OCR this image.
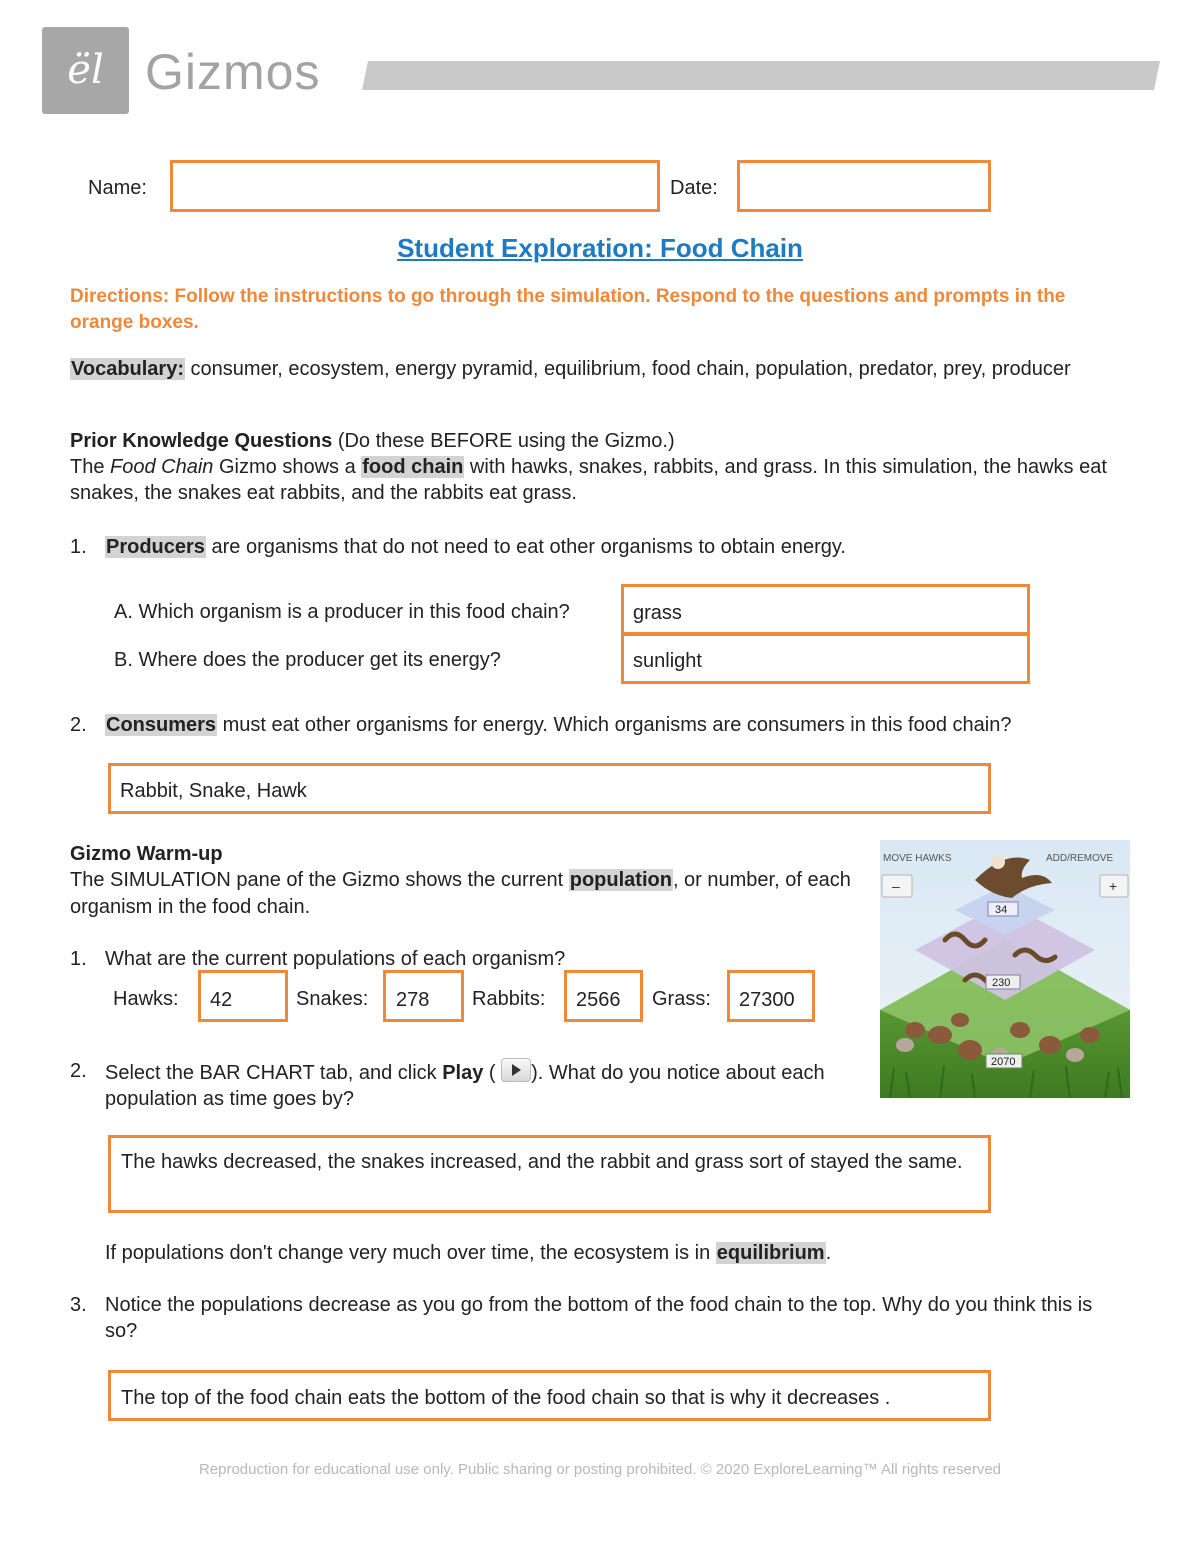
ël Gizmos
Name:	Date:
Student Exploration: Food Chain
Directions: Follow the instructions to go through the simulation. Respond to the questions and prompts in the orange boxes.
Vocabulary: consumer, ecosystem, energy pyramid, equilibrium, food chain, population, predator, prey, producer
Prior Knowledge Questions (Do these BEFORE using the Gizmo.)
The Food Chain Gizmo shows a food chain with hawks, snakes, rabbits, and grass. In this simulation, the hawks eat snakes, the snakes eat rabbits, and the rabbits eat grass.
1. Producers are organisms that do not need to eat other organisms to obtain energy.
A. Which organism is a producer in this food chain?	grass
B. Where does the producer get its energy?	sunlight
2. Consumers must eat other organisms for energy. Which organisms are consumers in this food chain?
Rabbit, Snake, Hawk
Gizmo Warm-up
The SIMULATION pane of the Gizmo shows the current population, or number, of each organism in the food chain.
1. What are the current populations of each organism?
Hawks: 42	Snakes: 278 Rabbits: 2566 Grass: 27300
2. Select the BAR CHART tab, and click Play (
). What do you notice about each population as time goes by?
The hawks decreased, the snakes increased, and the rabbit and grass sort of stayed the same.
If populations don't change very much over time, the ecosystem is in equilibrium.
3. Notice the populations decrease as you go from the bottom of the food chain to the top. Why do you think this is so?
The top of the food chain eats the bottom of the food chain so that is why it decreases .
MOVE HAWKS	ADD/REMOVE
–	+
34
230
2070
Reproduction for educational use only. Public sharing or posting prohibited. © 2020 ExploreLearning™ All rights reserved
